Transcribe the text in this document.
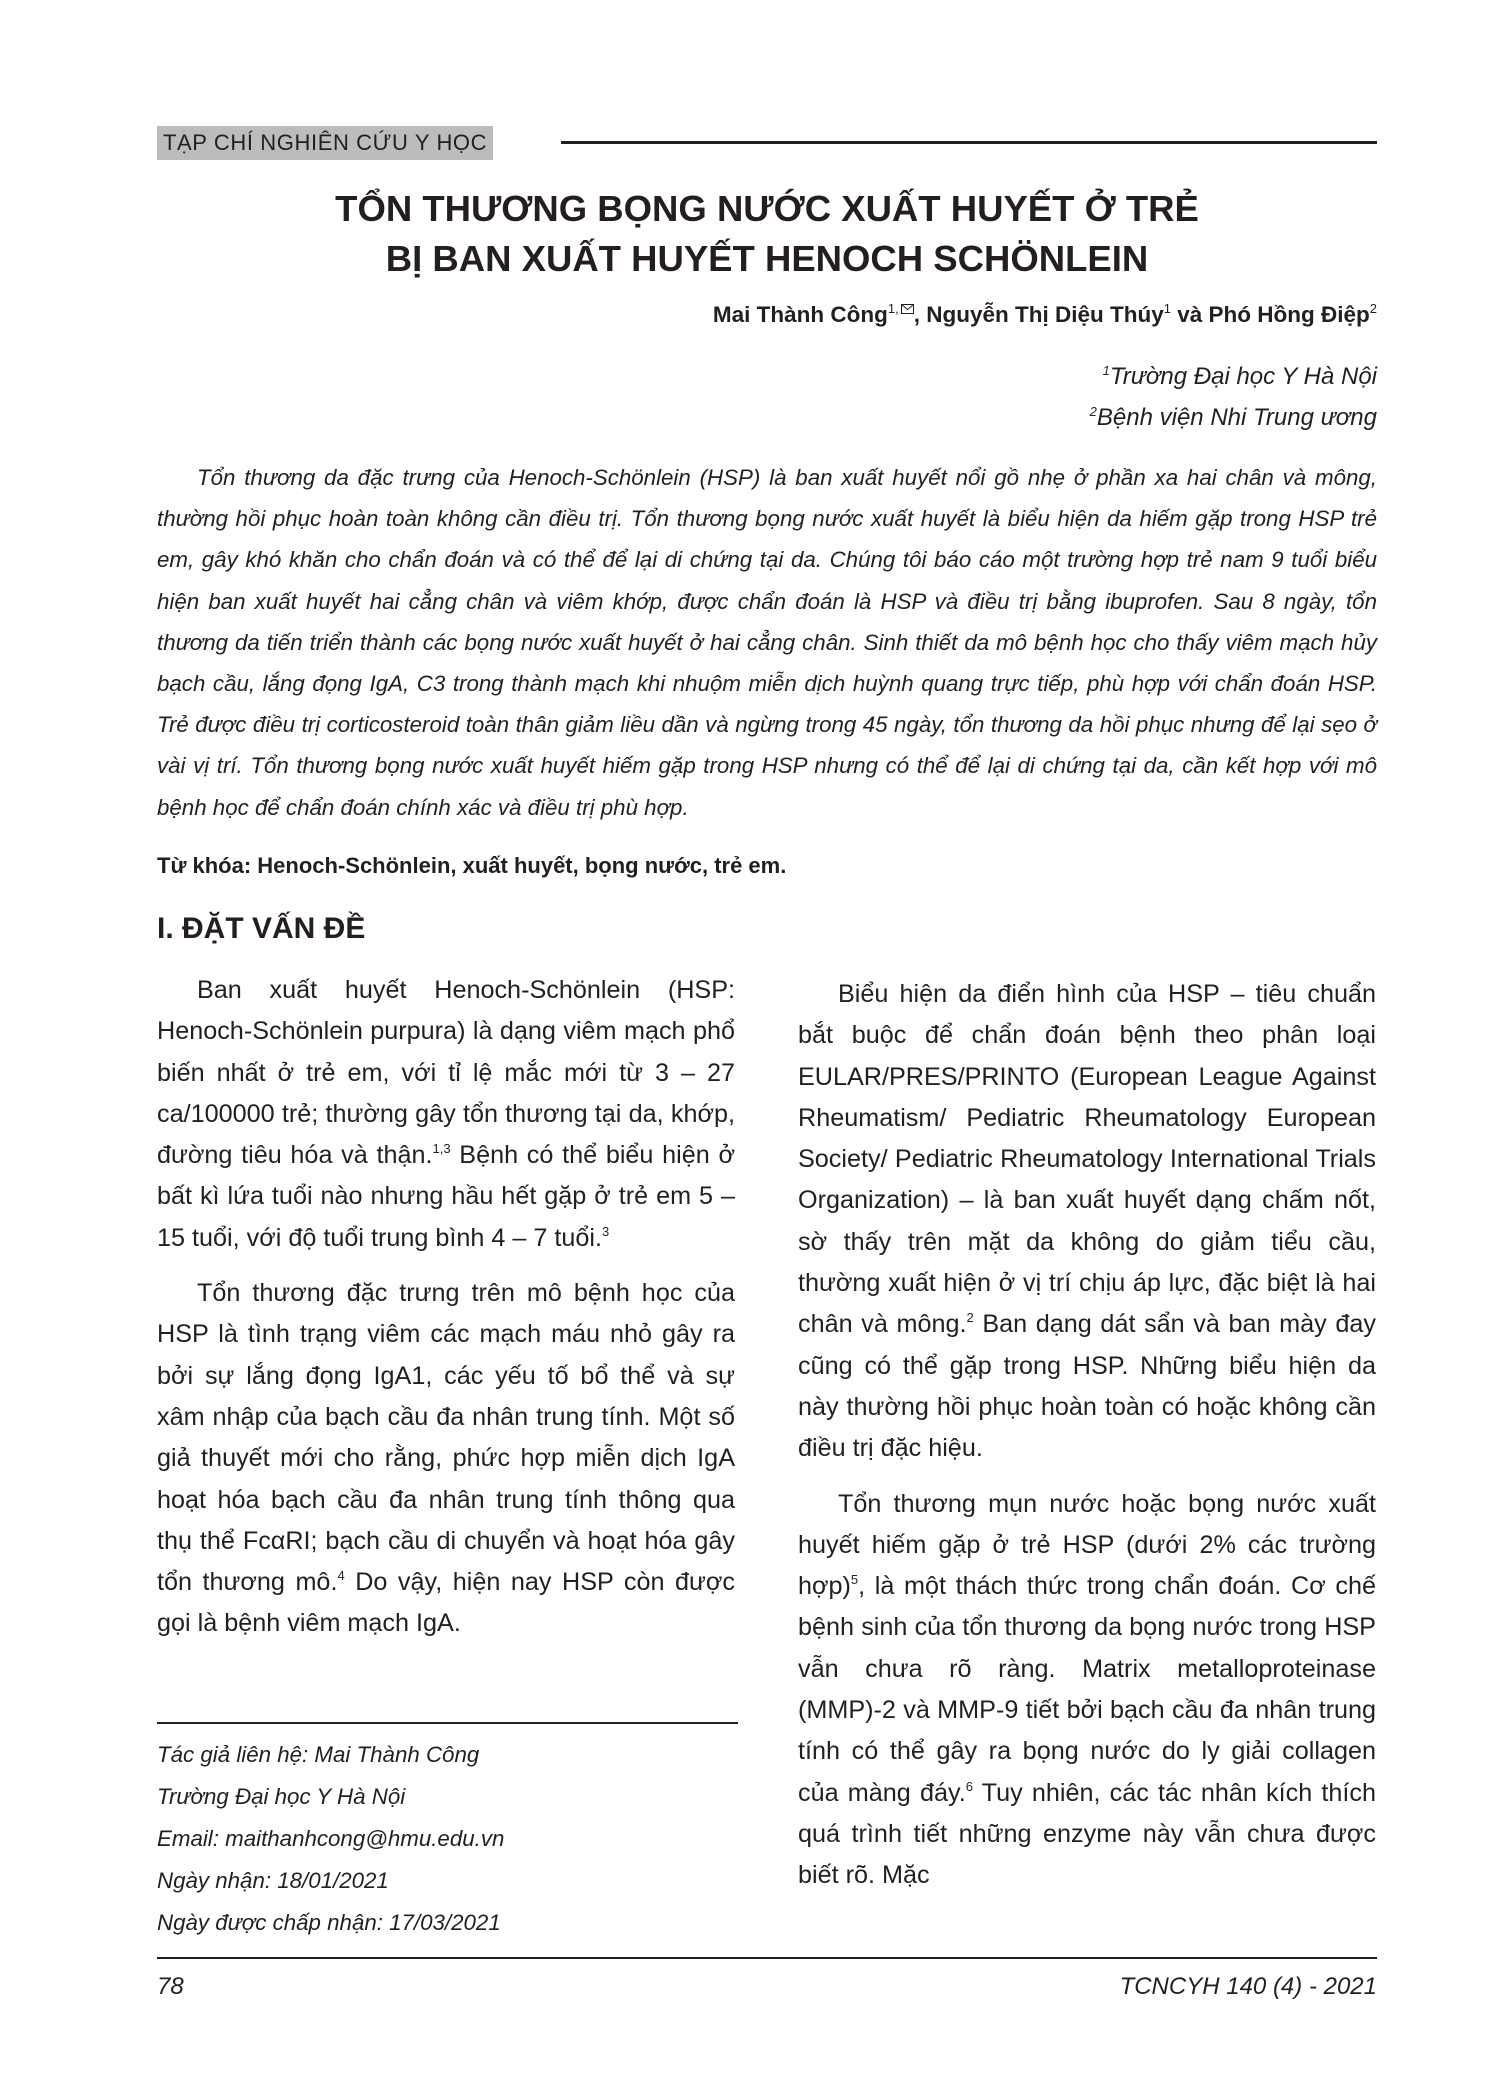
TẠP CHÍ NGHIÊN CỨU Y HỌC
TỔN THƯƠNG BỌNG NƯỚC XUẤT HUYẾT Ở TRẺ
BỊ BAN XUẤT HUYẾT HENOCH SCHÖNLEIN
Mai Thành Công$^{1,}$ , Nguyễn Thị Diệu Thúy$^1$ và Phó Hồng Điệp$^2$
$^1$Trường Đại học Y Hà Nội
$^2$Bệnh viện Nhi Trung ương

Tổn thương da đặc trưng của Henoch-Schönlein (HSP) là ban xuất huyết nổi gồ nhẹ ở phần xa hai chân và mông, thường hồi phục hoàn toàn không cần điều trị. Tổn thương bọng nước xuất huyết là biểu hiện da hiếm gặp trong HSP trẻ em, gây khó khăn cho chẩn đoán và có thể để lại di chứng tại da. Chúng tôi báo cáo một trường hợp trẻ nam 9 tuổi biểu hiện ban xuất huyết hai cẳng chân và viêm khớp, được chẩn đoán là HSP và điều trị bằng ibuprofen. Sau 8 ngày, tổn thương da tiến triển thành các bọng nước xuất huyết ở hai cẳng chân. Sinh thiết da mô bệnh học cho thấy viêm mạch hủy bạch cầu, lắng đọng IgA, C3 trong thành mạch khi nhuộm miễn dịch huỳnh quang trực tiếp, phù hợp với chẩn đoán HSP. Trẻ được điều trị corticosteroid toàn thân giảm liều dần và ngừng trong 45 ngày, tổn thương da hồi phục nhưng để lại sẹo ở vài vị trí. Tổn thương bọng nước xuất huyết hiếm gặp trong HSP nhưng có thể để lại di chứng tại da, cần kết hợp với mô bệnh học để chẩn đoán chính xác và điều trị phù hợp.

Từ khóa: Henoch-Schönlein, xuất huyết, bọng nước, trẻ em.
I. ĐẶT VẤN ĐỀ

Ban xuất huyết Henoch-Schönlein (HSP: Henoch-Schönlein purpura) là dạng viêm mạch phổ biến nhất ở trẻ em, với tỉ lệ mắc mới từ 3 – 27 ca/100000 trẻ; thường gây tổn thương tại da, khớp, đường tiêu hóa và thận.$^{1,3}$ Bệnh có thể biểu hiện ở bất kì lứa tuổi nào nhưng hầu hết gặp ở trẻ em 5 – 15 tuổi, với độ tuổi trung bình 4 – 7 tuổi.$^3$

Tổn thương đặc trưng trên mô bệnh học của HSP là tình trạng viêm các mạch máu nhỏ gây ra bởi sự lắng đọng IgA1, các yếu tố bổ thể và sự xâm nhập của bạch cầu đa nhân trung tính. Một số giả thuyết mới cho rằng, phức hợp miễn dịch IgA hoạt hóa bạch cầu đa nhân trung tính thông qua thụ thể FcαRI; bạch cầu di chuyển và hoạt hóa gây tổn thương mô.$^4$ Do vậy, hiện nay HSP còn được gọi là bệnh viêm mạch IgA.

Biểu hiện da điển hình của HSP – tiêu chuẩn bắt buộc để chẩn đoán bệnh theo phân loại EULAR/PRES/PRINTO (European League Against Rheumatism/ Pediatric Rheumatology European Society/ Pediatric Rheumatology International Trials Organization) – là ban xuất huyết dạng chấm nốt, sờ thấy trên mặt da không do giảm tiểu cầu, thường xuất hiện ở vị trí chịu áp lực, đặc biệt là hai chân và mông.$^2$ Ban dạng dát sẩn và ban mày đay cũng có thể gặp trong HSP. Những biểu hiện da này thường hồi phục hoàn toàn có hoặc không cần điều trị đặc hiệu.

Tổn thương mụn nước hoặc bọng nước xuất huyết hiếm gặp ở trẻ HSP (dưới 2% các trường hợp)$^5$, là một thách thức trong chẩn đoán. Cơ chế bệnh sinh của tổn thương da bọng nước trong HSP vẫn chưa rõ ràng. Matrix metalloproteinase (MMP)-2 và MMP-9 tiết bởi bạch cầu đa nhân trung tính có thể gây ra bọng nước do ly giải collagen của màng đáy.$^6$ Tuy nhiên, các tác nhân kích thích quá trình tiết những enzyme này vẫn chưa được biết rõ. Mặc

Tác giả liên hệ: Mai Thành Công
Trường Đại học Y Hà Nội
Email: maithanhcong@hmu.edu.vn
Ngày nhận: 18/01/2021
Ngày được chấp nhận: 17/03/2021
78	TCNCYH 140 (4) - 2021
